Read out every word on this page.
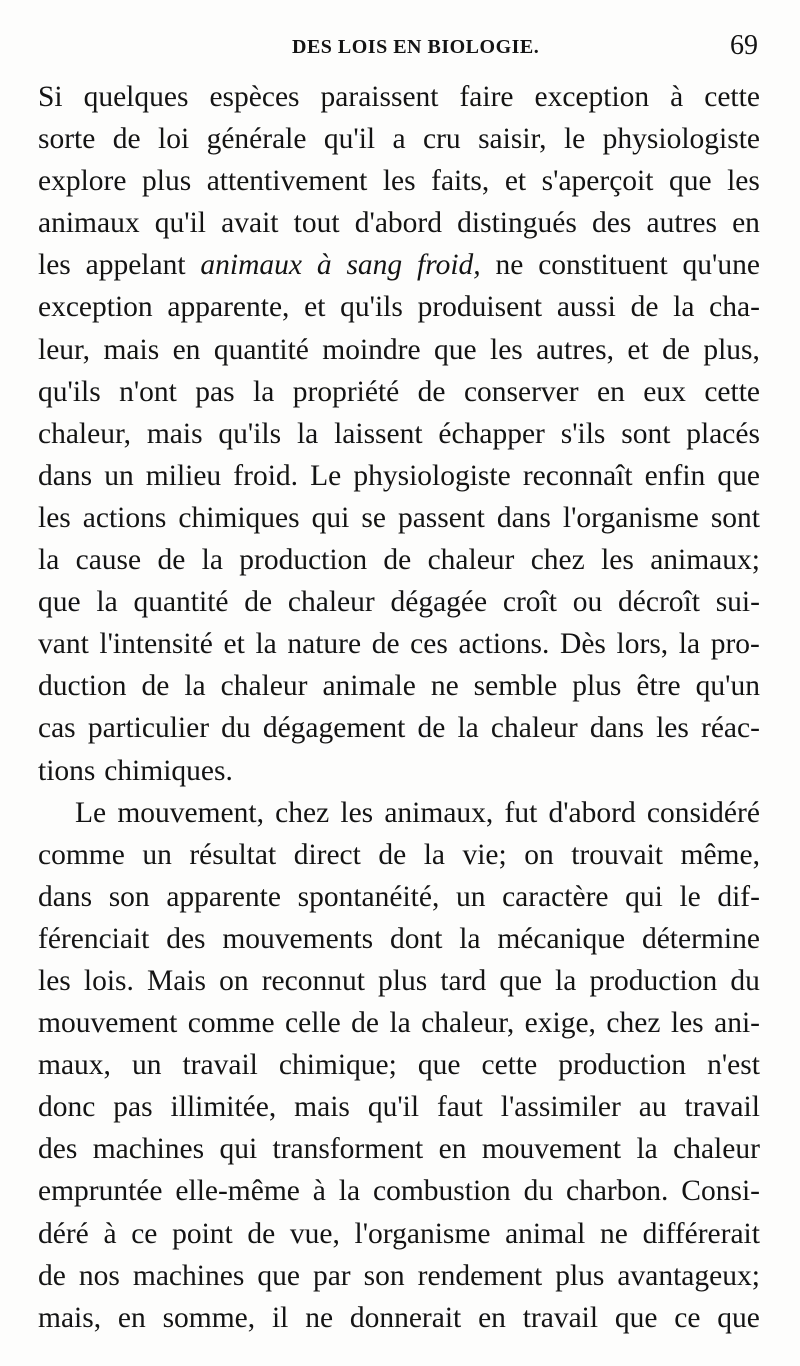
DES LOIS EN BIOLOGIE.	69
Si quelques espèces paraissent faire exception à cette
sorte de loi générale qu'il a cru saisir, le physiologiste
explore plus attentivement les faits, et s'aperçoit que les
animaux qu'il avait tout d'abord distingués des autres en
les appelant animaux à sang froid, ne constituent qu'une
exception apparente, et qu'ils produisent aussi de la cha-
leur, mais en quantité moindre que les autres, et de plus,
qu'ils n'ont pas la propriété de conserver en eux cette
chaleur, mais qu'ils la laissent échapper s'ils sont placés
dans un milieu froid. Le physiologiste reconnaît enfin que
les actions chimiques qui se passent dans l'organisme sont
la cause de la production de chaleur chez les animaux;
que la quantité de chaleur dégagée croît ou décroît sui-
vant l'intensité et la nature de ces actions. Dès lors, la pro-
duction de la chaleur animale ne semble plus être qu'un
cas particulier du dégagement de la chaleur dans les réac-
tions chimiques.
Le mouvement, chez les animaux, fut d'abord considéré
comme un résultat direct de la vie; on trouvait même,
dans son apparente spontanéité, un caractère qui le dif-
férenciait des mouvements dont la mécanique détermine
les lois. Mais on reconnut plus tard que la production du
mouvement comme celle de la chaleur, exige, chez les ani-
maux, un travail chimique; que cette production n'est
donc pas illimitée, mais qu'il faut l'assimiler au travail
des machines qui transforment en mouvement la chaleur
empruntée elle-même à la combustion du charbon. Consi-
déré à ce point de vue, l'organisme animal ne différerait
de nos machines que par son rendement plus avantageux;
mais, en somme, il ne donnerait en travail que ce que
